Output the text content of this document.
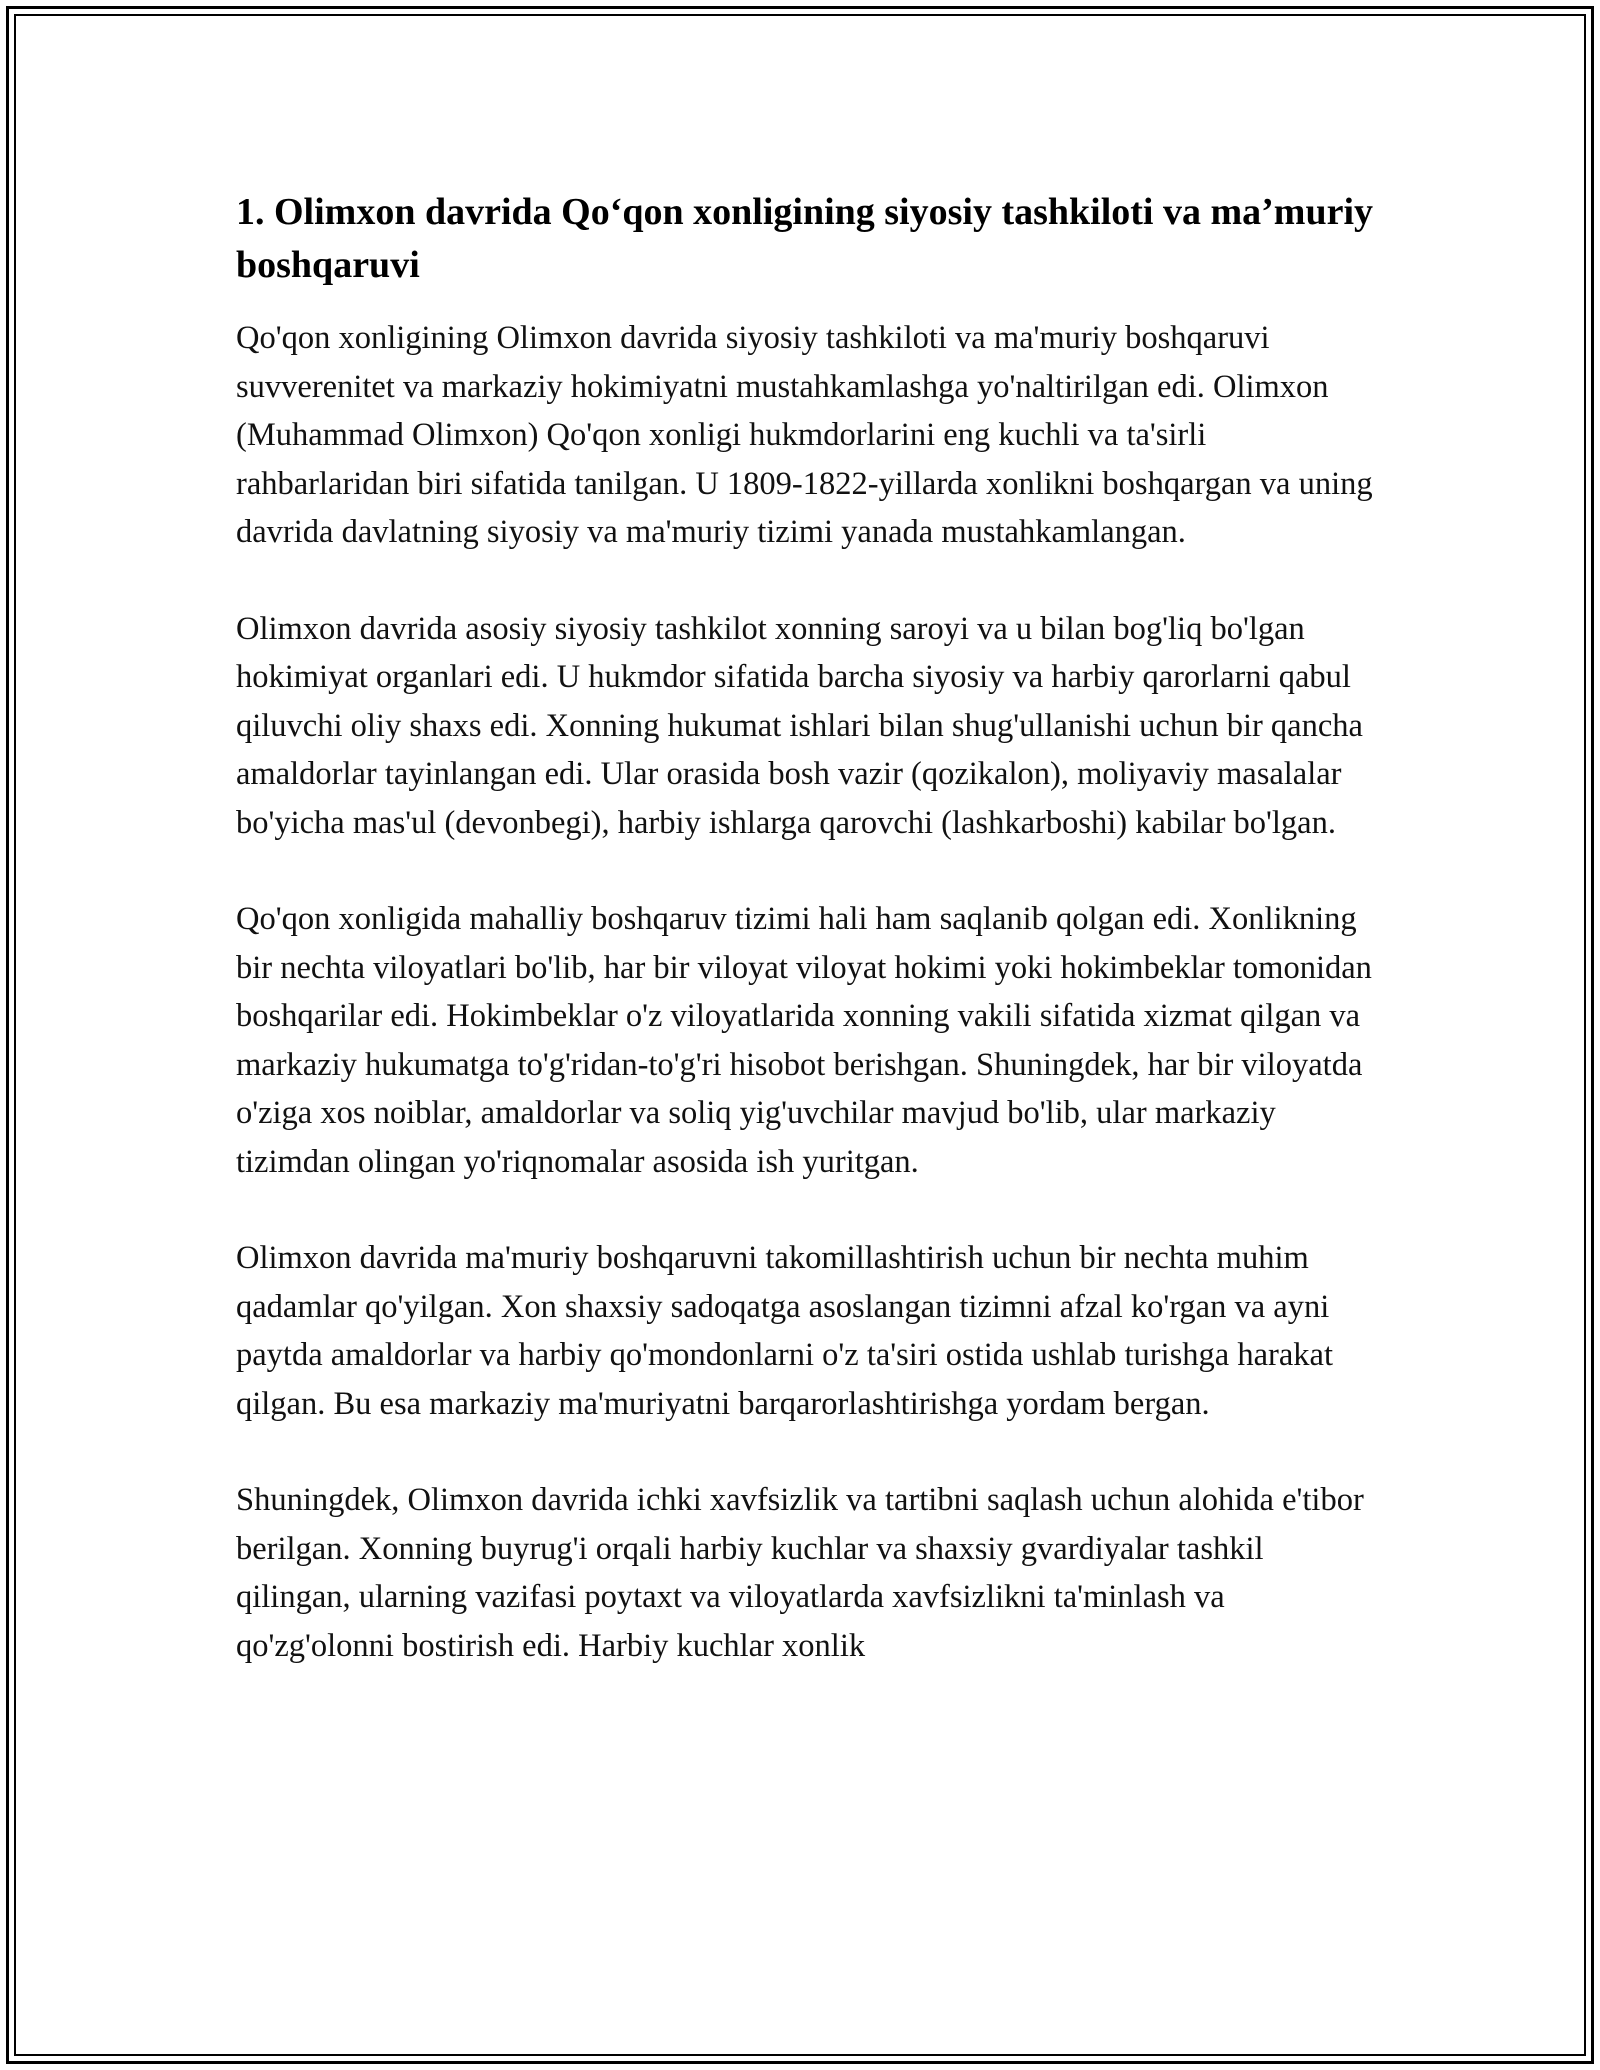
1. Olimxon davrida Qo‘qon xonligining siyosiy tashkiloti va ma’muriy boshqaruvi

Qo'qon xonligining Olimxon davrida siyosiy tashkiloti va ma'muriy boshqaruvi suvverenitet va markaziy hokimiyatni mustahkamlashga yo'naltirilgan edi. Olimxon (Muhammad Olimxon) Qo'qon xonligi hukmdorlarini eng kuchli va ta'sirli rahbarlaridan biri sifatida tanilgan. U 1809-1822-yillarda xonlikni boshqargan va uning davrida davlatning siyosiy va ma'muriy tizimi yanada mustahkamlangan.

Olimxon davrida asosiy siyosiy tashkilot xonning saroyi va u bilan bog'liq bo'lgan hokimiyat organlari edi. U hukmdor sifatida barcha siyosiy va harbiy qarorlarni qabul qiluvchi oliy shaxs edi. Xonning hukumat ishlari bilan shug'ullanishi uchun bir qancha amaldorlar tayinlangan edi. Ular orasida bosh vazir (qozikalon), moliyaviy masalalar bo'yicha mas'ul (devonbegi), harbiy ishlarga qarovchi (lashkarboshi) kabilar bo'lgan.

Qo'qon xonligida mahalliy boshqaruv tizimi hali ham saqlanib qolgan edi. Xonlikning bir nechta viloyatlari bo'lib, har bir viloyat viloyat hokimi yoki hokimbeklar tomonidan boshqarilar edi. Hokimbeklar o'z viloyatlarida xonning vakili sifatida xizmat qilgan va markaziy hukumatga to'g'ridan-to'g'ri hisobot berishgan. Shuningdek, har bir viloyatda o'ziga xos noiblar, amaldorlar va soliq yig'uvchilar mavjud bo'lib, ular markaziy tizimdan olingan yo'riqnomalar asosida ish yuritgan.

Olimxon davrida ma'muriy boshqaruvni takomillashtirish uchun bir nechta muhim qadamlar qo'yilgan. Xon shaxsiy sadoqatga asoslangan tizimni afzal ko'rgan va ayni paytda amaldorlar va harbiy qo'mondonlarni o'z ta'siri ostida ushlab turishga harakat qilgan. Bu esa markaziy ma'muriyatni barqarorlashtirishga yordam bergan.

Shuningdek, Olimxon davrida ichki xavfsizlik va tartibni saqlash uchun alohida e'tibor berilgan. Xonning buyrug'i orqali harbiy kuchlar va shaxsiy gvardiyalar tashkil qilingan, ularning vazifasi poytaxt va viloyatlarda xavfsizlikni ta'minlash va qo'zg'olonni bostirish edi. Harbiy kuchlar xonlik
